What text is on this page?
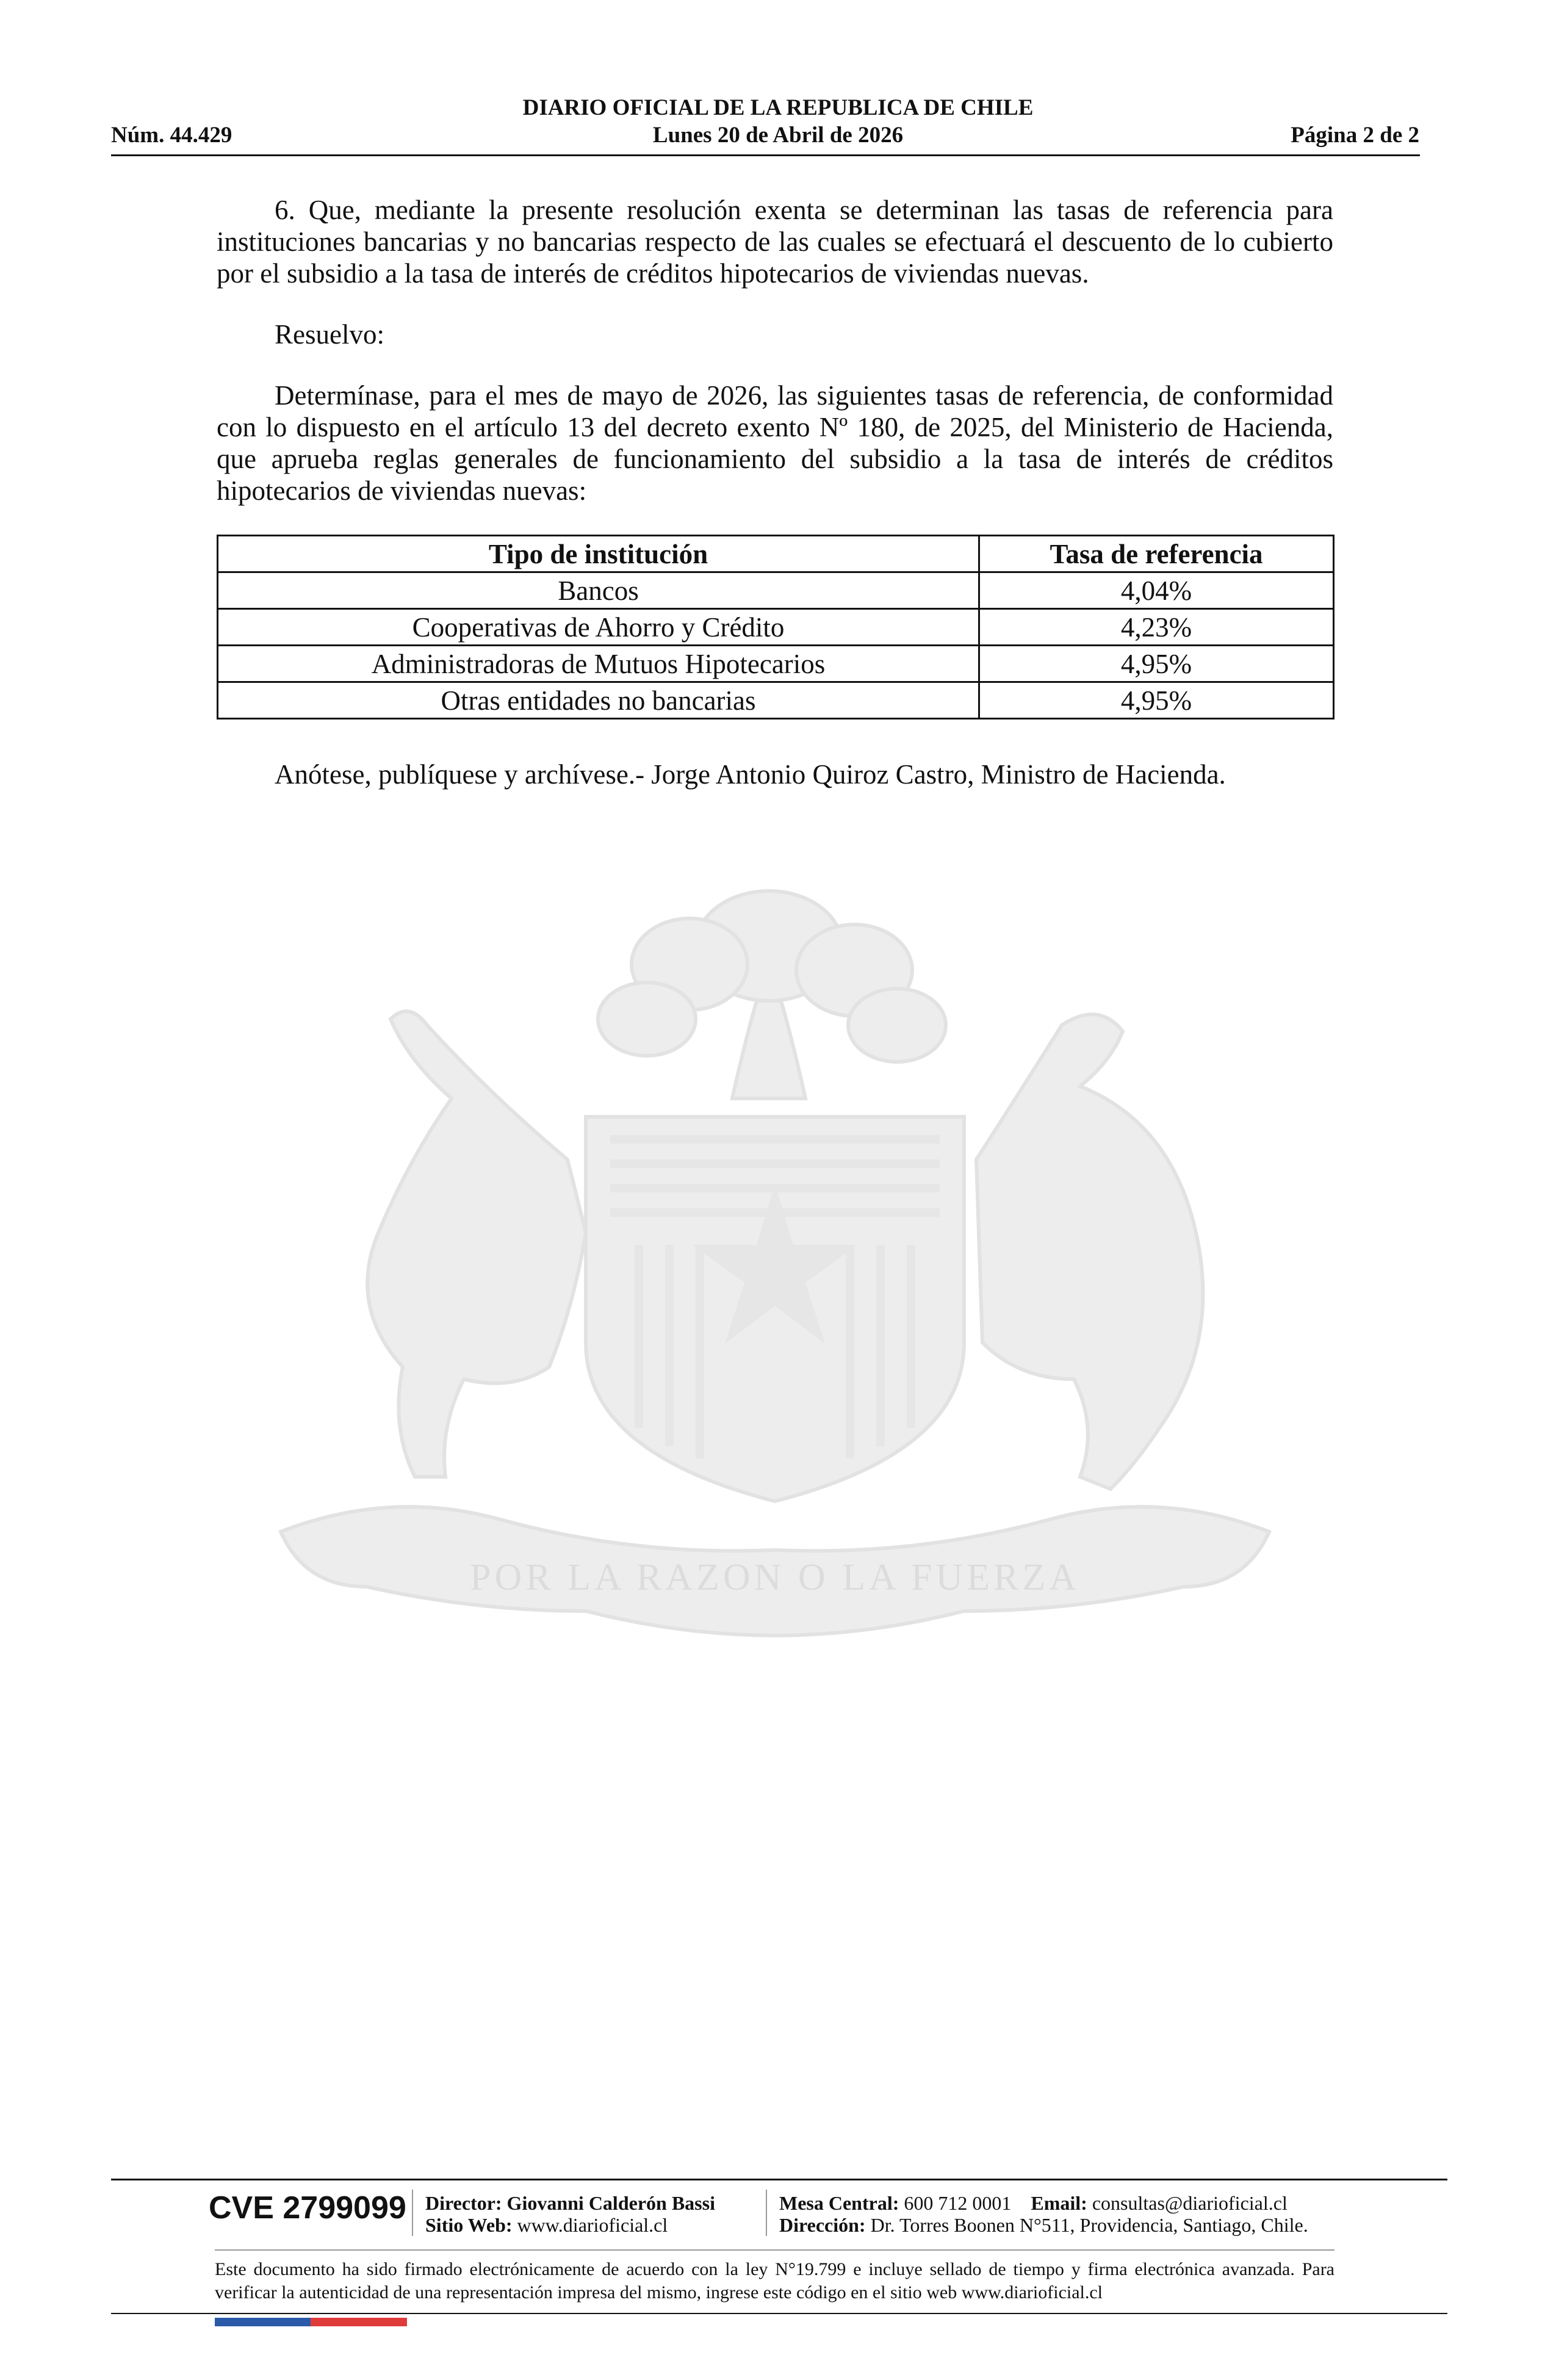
DIARIO OFICIAL DE LA REPUBLICA DE CHILE
Núm. 44.429	Lunes 20 de Abril de 2026	Página 2 de 2

6. Que, mediante la presente resolución exenta se determinan las tasas de referencia para instituciones bancarias y no bancarias respecto de las cuales se efectuará el descuento de lo cubierto por el subsidio a la tasa de interés de créditos hipotecarios de viviendas nuevas.

Resuelvo:

Determínase, para el mes de mayo de 2026, las siguientes tasas de referencia, de conformidad con lo dispuesto en el artículo 13 del decreto exento Nº 180, de 2025, del Ministerio de Hacienda, que aprueba reglas generales de funcionamiento del subsidio a la tasa de interés de créditos hipotecarios de viviendas nuevas:

Tipo de institución	Tasa de referencia
Bancos	4,04%
Cooperativas de Ahorro y Crédito	4,23%
Administradoras de Mutuos Hipotecarios	4,95%
Otras entidades no bancarias	4,95%

Anótese, publíquese y archívese.- Jorge Antonio Quiroz Castro, Ministro de Hacienda.

POR LA RAZON O LA FUERZA
CVE 2799099 Director: Giovanni Calderón Bassi
Sitio Web: www.diarioficial.cl
Mesa Central: 600 712 0001 Email: consultas@diarioficial.cl
Dirección: Dr. Torres Boonen N°511, Providencia, Santiago, Chile.
Este documento ha sido firmado electrónicamente de acuerdo con la ley N°19.799 e incluye sellado de tiempo y firma electrónica avanzada. Para verificar la autenticidad de una representación impresa del mismo, ingrese este código en el sitio web www.diarioficial.cl
